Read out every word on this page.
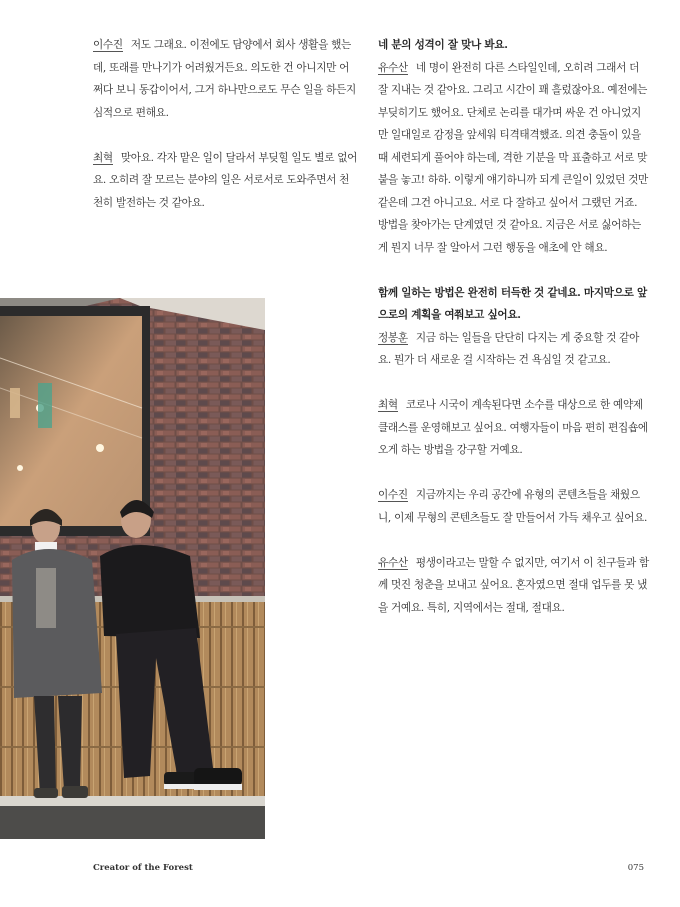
이수진 저도 그래요. 이전에도 담양에서 회사 생활을 했는데, 또래를 만나기가 어려웠거든요. 의도한 건 아니지만 어쩌다 보니 동갑이어서, 그거 하나만으로도 무슨 일을 하든지 심적으로 편해요.

최혁 맞아요. 각자 맡은 일이 달라서 부딪힐 일도 별로 없어요. 오히려 잘 모르는 분야의 일은 서로서로 도와주면서 천천히 발전하는 것 같아요.

네 분의 성격이 잘 맞나 봐요.

유수산 네 명이 완전히 다른 스타일인데, 오히려 그래서 더 잘 지내는 것 같아요. 그리고 시간이 꽤 흘렀잖아요. 예전에는 부딪히기도 했어요. 단체로 논리를 대가며 싸운 건 아니었지만 일대일로 감정을 앞세워 티격태격했죠. 의견 충돌이 있을 때 세련되게 풀어야 하는데, 격한 기분을 막 표출하고 서로 맞붙을 놓고! 하하. 이렇게 얘기하니까 되게 큰일이 있었던 것만 같은데 그건 아니고요. 서로 다 잘하고 싶어서 그랬던 거죠. 방법을 찾아가는 단계였던 것 같아요. 지금은 서로 싫어하는 게 뭔지 너무 잘 알아서 그런 행동을 애초에 안 해요.

함께 일하는 방법은 완전히 터득한 것 같네요. 마지막으로 앞으로의 계획을 여쭤보고 싶어요.

정봉훈 지금 하는 일들을 단단히 다지는 게 중요할 것 같아요. 뭔가 더 새로운 걸 시작하는 건 욕심일 것 같고요.

최혁 코로나 시국이 계속된다면 소수를 대상으로 한 예약제 클래스를 운영해보고 싶어요. 여행자들이 마음 편히 편집숍에 오게 하는 방법을 강구할 거예요.

이수진 지금까지는 우리 공간에 유형의 콘텐츠들을 채웠으니, 이제 무형의 콘텐츠들도 잘 만들어서 가득 채우고 싶어요.

유수산 평생이라고는 말할 수 없지만, 여기서 이 친구들과 함께 멋진 청춘을 보내고 싶어요. 혼자였으면 절대 업두를 못 냈을 거예요. 특히, 지역에서는 절대, 절대요.

Creator of the Forest	075
